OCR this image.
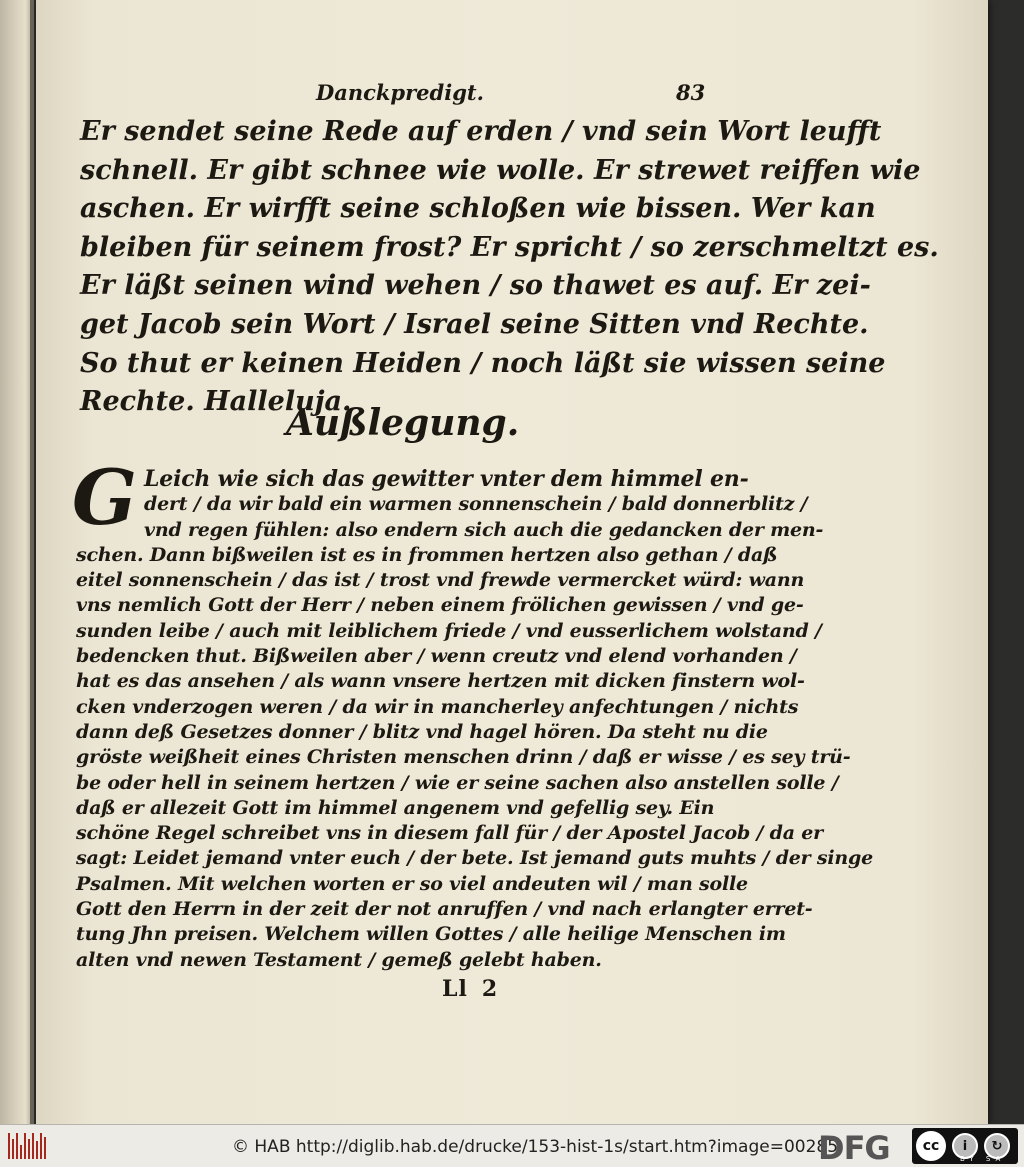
Danckpredigt.	83
Er sendet seine Rede auf erden / vnd sein Wort leufft
schnell. Er gibt schnee wie wolle. Er strewet reiffen wie
aschen. Er wirfft seine schloßen wie bissen. Wer kan
bleiben für seinem frost? Er spricht / so zerschmeltzt es.
Er läßt seinen wind wehen / so thawet es auf. Er zei-
get Jacob sein Wort / Israel seine Sitten vnd Rechte.
So thut er keinen Heiden / noch läßt sie wissen seine
Rechte. Halleluja.
Außlegung.
G Leich wie sich das gewitter vnter dem himmel en-
dert / da wir bald ein warmen sonnenschein / bald donnerblitz /
vnd regen fühlen: also endern sich auch die gedancken der men-
schen. Dann bißweilen ist es in frommen hertzen also gethan / daß
eitel sonnenschein / das ist / trost vnd frewde vermercket würd: wann
vns nemlich Gott der Herr / neben einem frölichen gewissen / vnd ge-
sunden leibe / auch mit leiblichem friede / vnd eusserlichem wolstand /
bedencken thut. Bißweilen aber / wenn creutz vnd elend vorhanden /
hat es das ansehen / als wann vnsere hertzen mit dicken finstern wol-
cken vnderzogen weren / da wir in mancherley anfechtungen / nichts
dann deß Gesetzes donner / blitz vnd hagel hören. Da steht nu die
gröste weißheit eines Christen menschen drinn / daß er wisse / es sey trü-
be oder hell in seinem hertzen / wie er seine sachen also anstellen solle /
daß er allezeit Gott im himmel angenem vnd gefellig sey. Ein
schöne Regel schreibet vns in diesem fall für / der Apostel Jacob / da er
sagt: Leidet jemand vnter euch / der bete. Ist jemand guts muhts / der singe
Psalmen. Mit welchen worten er so viel andeuten wil / man solle
Gott den Herrn in der zeit der not anruffen / vnd nach erlangter erret-
tung Jhn preisen. Welchem willen Gottes / alle heilige Menschen im
alten vnd newen Testament / gemeß gelebt haben.
Ll 2
© HAB http://diglib.hab.de/drucke/153-hist-1s/start.htm?image=00285
DFG	cc	i	↻
BY SA
